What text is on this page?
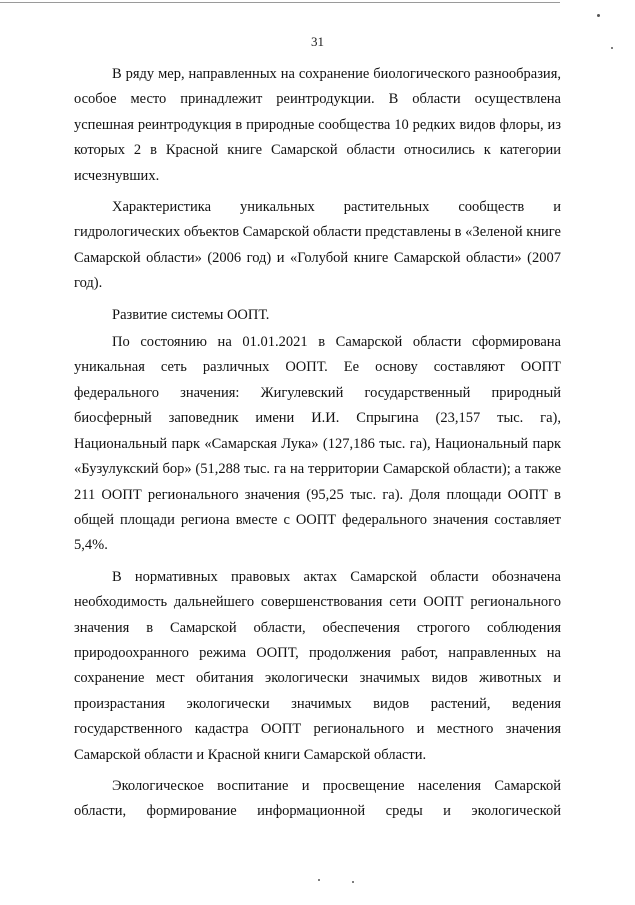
31

В ряду мер, направленных на сохранение биологического разнообразия, особое место принадлежит реинтродукции. В области осуществлена успешная реинтродукция в природные сообщества 10 редких видов флоры, из которых 2 в Красной книге Самарской области относились к категории исчезнувших.

Характеристика уникальных растительных сообществ и гидрологических объектов Самарской области представлены в «Зеленой книге Самарской области» (2006 год) и «Голубой книге Самарской области» (2007 год).

Развитие системы ООПТ.

По состоянию на 01.01.2021 в Самарской области сформирована уникальная сеть различных ООПТ. Ее основу составляют ООПТ федерального значения: Жигулевский государственный природный биосферный заповедник имени И.И. Спрыгина (23,157 тыс. га), Национальный парк «Самарская Лука» (127,186 тыс. га), Национальный парк «Бузулукский бор» (51,288 тыс. га на территории Самарской области); а также 211 ООПТ регионального значения (95,25 тыс. га). Доля площади ООПТ в общей площади региона вместе с ООПТ федерального значения составляет 5,4%.

В нормативных правовых актах Самарской области обозначена необходимость дальнейшего совершенствования сети ООПТ регионального значения в Самарской области, обеспечения строгого соблюдения природоохранного режима ООПТ, продолжения работ, направленных на сохранение мест обитания экологически значимых видов животных и произрастания экологически значимых видов растений, ведения государственного кадастра ООПТ регионального и местного значения Самарской области и Красной книги Самарской области.

Экологическое воспитание и просвещение населения Самарской области, формирование информационной среды и экологической
